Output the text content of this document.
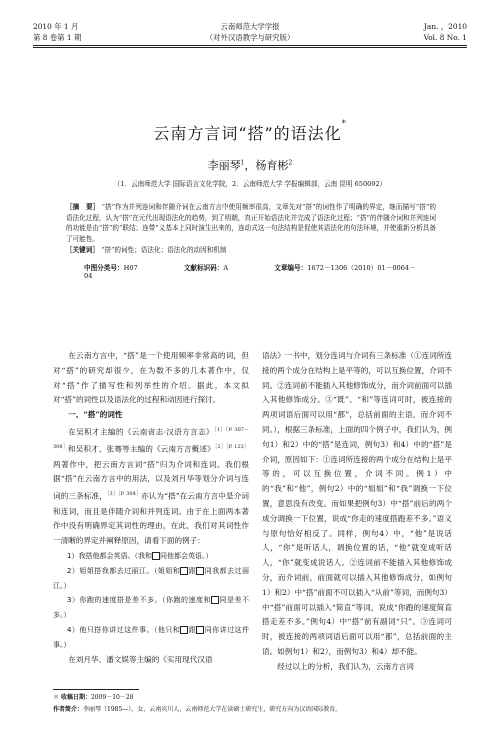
2010 年 1 月
第 8 卷第 1 期
云南师范大学学报
（对外汉语教学与研究版）
Jan. ，2010
Vol. 8 No. 1
云南方言词“搭”的语法化*
李丽琴$^1$，杨育彬$^2$
（1．云南师范大学 国际语言文化学院，2．云南师范大学 学报编辑部，云南 昆明 650092）
［摘　要］ “搭”作为并列连词和伴随介词在云南方言中使用频率很高，文章先对“搭”的词性作了明确的界定，继而描写“搭”的语法化过程，认为“搭”在元代出现语法化的趋势，到了明朝，真正开始语法化并完成了语法化过程；“搭”的伴随介词和并列连词的功能是由“搭”的“联结；连带”义基本上同时演生出来的，连动式这一句法结构是促使其语法化的句法环境，并使重新分析具备了可能性。
［关键词］ “搭”的词性；语法化；语法化的动因和机制
中图分类号：H07	文献标识码：A	文章编号：1672－1306（2010）01－0064－04

在云南方言中，“搭”是一个使用频率非常高的词，但对“搭”的研究却很少，在为数不多的几本著作中，仅对“搭”作了描写性和列举性的介绍。据此，本文拟对“搭”的词性以及语法化的过程和动因进行探讨。

一、“搭”的词性

在吴积才主编的《云南省志·汉语方言志》$^{[1][P. 307-308]}$和吴积才、张骞等主编的《云南方言概述》$^{[2][P. 123]}$两著作中，把云南方言词“搭”归为介词和连词。我们根据“搭”在云南方言中的用法，以及刘月华等划分介词与连词的三条标准，$^{[3][P. 304]}$亦认为“搭”在云南方言中是介词和连词，而且是伴随介词和并列连词。由于在上面两本著作中没有明确界定其词性的理由，在此，我们对其词性作一清晰的界定并阐释原因，请看下面的例子：

1）我搭他都会英语。（我和 同他都会英语。）

2）姐姐搭我都去过丽江。（姐姐和 跟 同我都去过丽江。）

3）你跑的速度搭是差不多。（你跑的速度和 同是差不多。）

4）他只搭你讲过这件事。（他只和 跟 同你讲过这件事。）

在刘月华、潘文娱等主编的《实用现代汉语

语法》一书中，划分连词与介词有三条标准（①连词所连接的两个成分在结构上是平等的，可以互换位置，介词不同。②连词前不能插入其他修饰成分，而介词前面可以插入其他修饰成分。③“既”、“和”等连词可时，被连接的两项词语后面可以用“都”，总括前面的主语，而介词不同。），根据三条标准，上面的四个例子中，我们认为，例句1）和2）中的“搭”是连词，例句3）和4）中的“搭”是介词，原因如下：①连词所连接的两个成分在结构上是平等的，可以互换位置，介词不同。例1）中的“我”和“他”，例句2）中的“姐姐”和“我”调换一下位置，意思没有改变。而如果把例句3）中“搭”前后的两个成分调换一下位置，说成“你走的速度搭跑差不多。”语义与原句恰好相反了。同样，例句4）中，“他”是说话人，“你”是听话人，调换位置的话，“他”就变成听话人，“你”就变成说话人。②连词前不能插入其他修饰成分，而介词前，前面就可以插入其他修饰成分，如例句1）和2）中“搭”前面不可以插入“从前”等词，而例句3）中“搭”前面可以插入“简直”等词，说成“你跑的速度简直搭走差不多。”例句4）中“搭”前有副词“只”。③连词可时，被连接的两项词语后面可以用“都”，总括前面的主语。如例句1）和2），而例句3）和4）却不能。

经过以上的分析，我们认为，云南方言词

＊ 收稿日期：2009－10－28
作者简介：李丽琴（1985—），女，云南宾川人，云南师范大学在读硕士研究生，研究方向为汉语国际教育。
